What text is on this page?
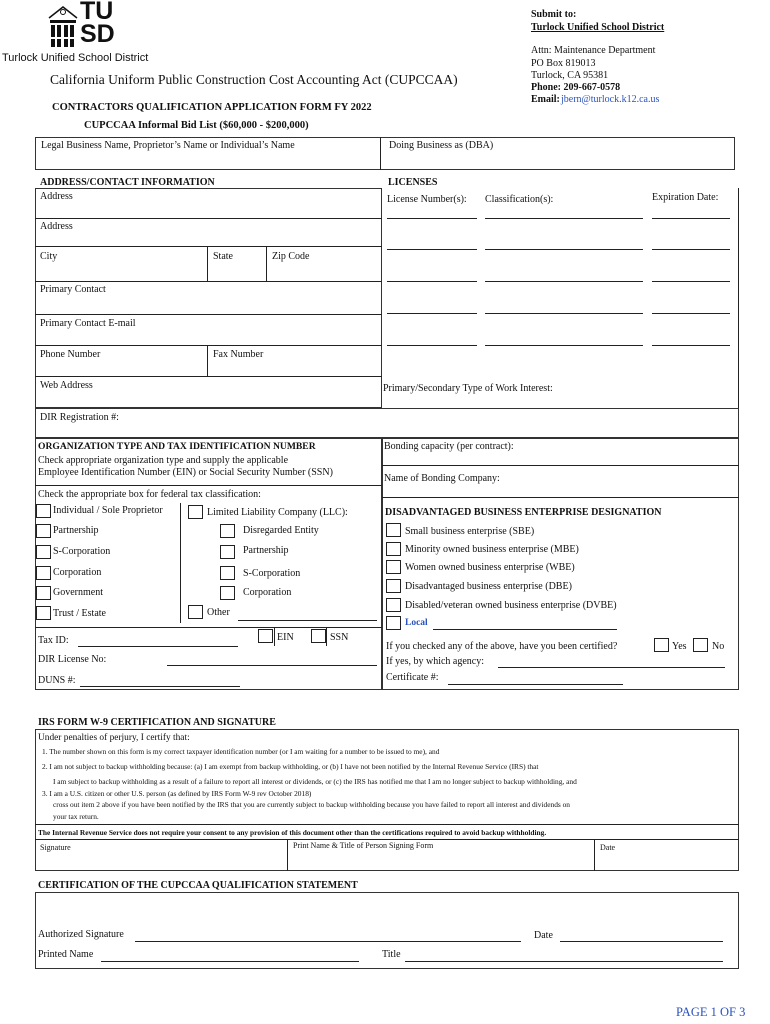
TU
SD
Turlock Unified School District
California Uniform Public Construction Cost Accounting Act (CUPCCAA)
CONTRACTORS QUALIFICATION APPLICATION FORM FY 2022
CUPCCAA Informal Bid List ($60,000 - $200,000)
Submit to:
Turlock Unified School District
Attn: Maintenance Department
PO Box 819013
Turlock, CA 95381
Phone: 209-667-0578
Email: jbern@turlock.k12.ca.us
Legal Business Name, Proprietor’s Name or Individual’s Name	Doing Business as (DBA)
ADDRESS/CONTACT INFORMATION	LICENSES
Address
Address
City	State	Zip Code
Primary Contact
Primary Contact E-mail
Phone Number	Fax Number
Web Address
License Number(s): Classification(s):	Expiration Date:
Primary/Secondary Type of Work Interest:
DIR Registration #:
ORGANIZATION TYPE AND TAX IDENTIFICATION NUMBER
Check appropriate organization type and supply the applicable
Employee Identification Number (EIN) or Social Security Number (SSN)
Check the appropriate box for federal tax classification:
Individual / Sole Proprietor
Partnership
S-Corporation
Corporation
Government
Trust / Estate
Limited Liability Company (LLC):
Disregarded Entity
Partnership
S-Corporation
Corporation
Other
Tax ID:	EIN	SSN
DIR License No:
DUNS #:
Bonding capacity (per contract):
Name of Bonding Company:
DISADVANTAGED BUSINESS ENTERPRISE DESIGNATION
Small business enterprise (SBE)
Minority owned business enterprise (MBE)
Women owned business enterprise (WBE)
Disadvantaged business enterprise (DBE)
Disabled/veteran owned business enterprise (DVBE)
Local
If you checked any of the above, have you been certified?	Yes	No
If yes, by which agency:
Certificate #:
IRS FORM W-9 CERTIFICATION AND SIGNATURE
Under penalties of perjury, I certify that:
1. The number shown on this form is my correct taxpayer identification number (or I am waiting for a number to be issued to me), and
2. I am not subject to backup withholding because: (a) I am exempt from backup withholding, or (b) I have not been notified by the Internal Revenue Service (IRS) that
I am subject to backup withholding as a result of a failure to report all interest or dividends, or (c) the IRS has notified me that I am no longer subject to backup withholding, and
3. I am a U.S. citizen or other U.S. person (as defined by IRS Form W-9 rev October 2018)
cross out item 2 above if you have been notified by the IRS that you are currently subject to backup withholding because you have failed to report all interest and dividends on
your tax return.
The Internal Revenue Service does not require your consent to any provision of this document other than the certifications required to avoid backup withholding.
Signature	Print Name & Title of Person Signing Form	Date
CERTIFICATION OF THE CUPCCAA QUALIFICATION STATEMENT
Authorized Signature	Date
Printed Name	Title
PAGE 1 OF 3
